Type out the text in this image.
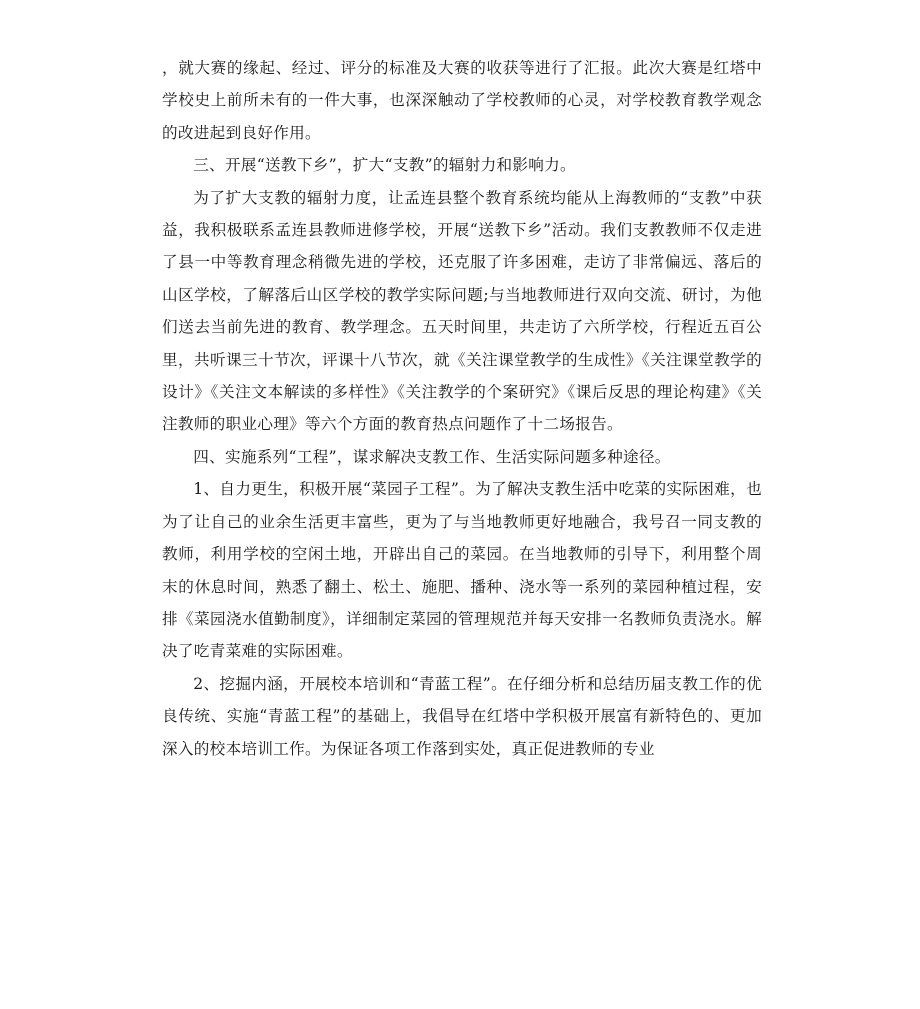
，就大赛的缘起、经过、评分的标准及大赛的收获等进行了汇报。此次大赛是红塔中学校史上前所未有的一件大事，也深深触动了学校教师的心灵，对学校教育教学观念的改进起到良好作用。

三、开展“送教下乡”，扩大“支教”的辐射力和影响力。

为了扩大支教的辐射力度，让孟连县整个教育系统均能从上海教师的“支教”中获益，我积极联系孟连县教师进修学校，开展“送教下乡”活动。我们支教教师不仅走进了县一中等教育理念稍微先进的学校，还克服了许多困难，走访了非常偏远、落后的山区学校，了解落后山区学校的教学实际问题;与当地教师进行双向交流、研讨，为他们送去当前先进的教育、教学理念。五天时间里，共走访了六所学校，行程近五百公里，共听课三十节次，评课十八节次，就《关注课堂教学的生成性》《关注课堂教学的设计》《关注文本解读的多样性》《关注教学的个案研究》《课后反思的理论构建》《关注教师的职业心理》等六个方面的教育热点问题作了十二场报告。

四、实施系列“工程”，谋求解决支教工作、生活实际问题多种途径。

1、自力更生，积极开展“菜园子工程”。为了解决支教生活中吃菜的实际困难，也为了让自己的业余生活更丰富些，更为了与当地教师更好地融合，我号召一同支教的教师，利用学校的空闲土地，开辟出自己的菜园。在当地教师的引导下，利用整个周末的休息时间，熟悉了翻土、松土、施肥、播种、浇水等一系列的菜园种植过程，安排《菜园浇水值勤制度》，详细制定菜园的管理规范并每天安排一名教师负责浇水。解决了吃青菜难的实际困难。

2、挖掘内涵，开展校本培训和“青蓝工程”。在仔细分析和总结历届支教工作的优良传统、实施“青蓝工程”的基础上，我倡导在红塔中学积极开展富有新特色的、更加深入的校本培训工作。为保证各项工作落到实处，真正促进教师的专业
